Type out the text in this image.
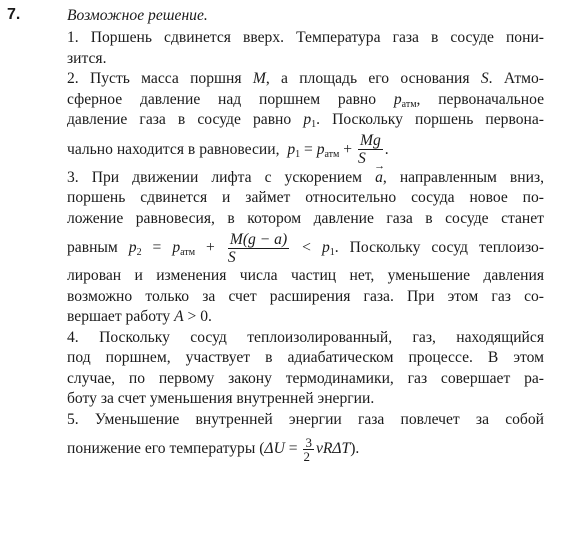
7.	Возможное решение.
1. Поршень сдвинется вверх. Температура газа в сосуде пони-
зится.
2. Пусть масса поршня M, а площадь его основания S. Атмо-
сферное давление над поршнем равно $p_{атм}$, первоначальное
давление газа в сосуде равно $p_1$. Поскольку поршень первона-
чально находится в равновесии, $p_1 = p_{атм} + \frac{Mg}{S}$ .
3. При движении лифта с ускорением → a, направленным вниз,
поршень сдвинется и займет относительно сосуда новое по-
ложение равновесия, в котором давление газа в сосуде станет
равным $p_2 = p_{атм} + \frac{M(g - a)}{S} < p_1$. Поскольку сосуд теплоизо-
лирован и изменения числа частиц нет, уменьшение давления
возможно только за счет расширения газа. При этом газ со-
вершает работу A > 0.
4. Поскольку сосуд теплоизолированный, газ, находящийся
под поршнем, участвует в адиабатическом процессе. В этом
случае, по первому закону термодинамики, газ совершает ра-
боту за счет уменьшения внутренней энергии.
5. Уменьшение внутренней энергии газа повлечет за собой
понижение его температуры $(\Delta U = \frac{3}{2} \nu R\Delta T)$.
